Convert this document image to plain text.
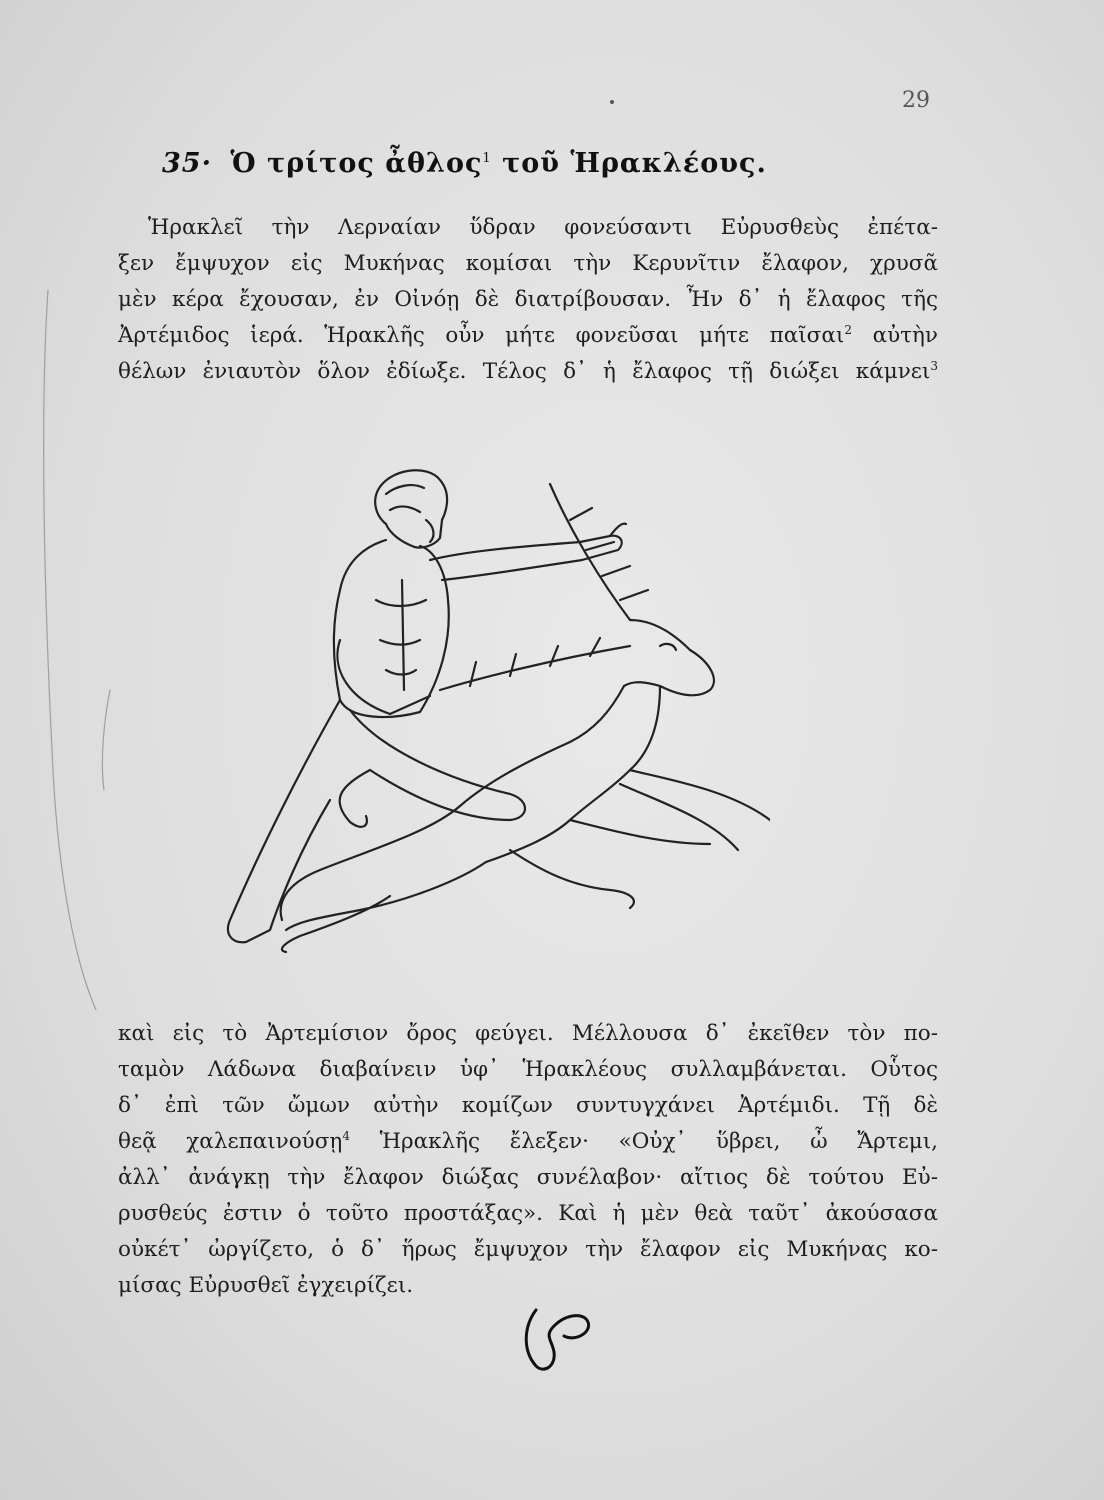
29
35· Ὁ τρίτος ἆθλος$^1$ τοῦ Ἡρακλέους.
Ἡρακλεῖ τὴν Λερναίαν ὕδραν φονεύσαντι Εὐρυσθεὺς ἐπέτα-
ξεν ἔμψυχον εἰς Μυκήνας κομίσαι τὴν Κερυνῖτιν ἔλαφον, χρυσᾶ
μὲν κέρα ἔχουσαν, ἐν Οἰνόῃ δὲ διατρίβουσαν. Ἦν δ᾽ ἡ ἔλαφος τῆς
Ἀρτέμιδος ἱερά. Ἡρακλῆς οὖν μήτε φονεῦσαι μήτε παῖσαι$^2$ αὐτὴν
θέλων ἐνιαυτὸν ὅλον ἐδίωξε. Τέλος δ᾽ ἡ ἔλαφος τῇ διώξει κάμνει$^3$
καὶ εἰς τὸ Ἀρτεμίσιον ὄρος φεύγει. Μέλλουσα δ᾽ ἐκεῖθεν τὸν πο-
ταμὸν Λάδωνα διαβαίνειν ὑφ᾽ Ἡρακλέους συλλαμβάνεται. Οὗτος
δ᾽ ἐπὶ τῶν ὤμων αὐτὴν κομίζων συντυγχάνει Ἀρτέμιδι. Τῇ δὲ
θεᾷ χαλεπαινούσῃ$^4$ Ἡρακλῆς ἔλεξεν· «Οὐχ᾽ ὕβρει, ὦ Ἄρτεμι,
ἀλλ᾽ ἀνάγκῃ τὴν ἔλαφον διώξας συνέλαβον· αἴτιος δὲ τούτου Εὐ-
ρυσθεύς ἐστιν ὁ τοῦτο προστάξας». Καὶ ἡ μὲν θεὰ ταῦτ᾽ ἀκούσασα
οὐκέτ᾽ ὠργίζετο, ὁ δ᾽ ἥρως ἔμψυχον τὴν ἔλαφον εἰς Μυκήνας κο-
μίσας Εὐρυσθεῖ ἐγχειρίζει.
